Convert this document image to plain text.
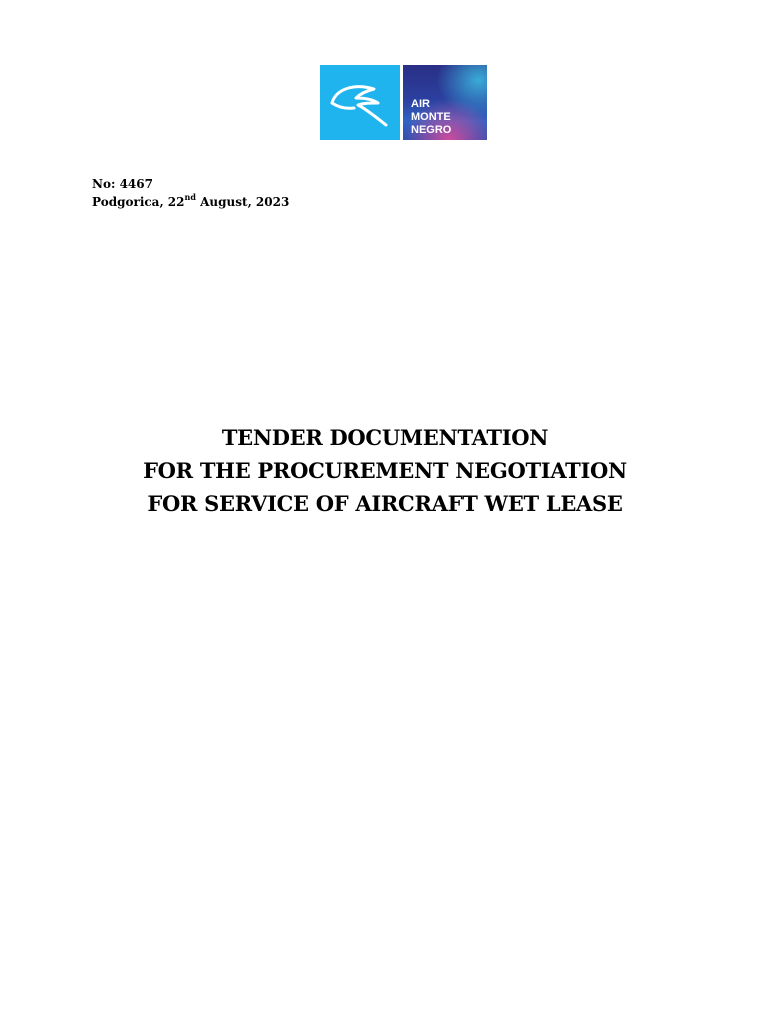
AIR
MONTE
NEGRO
No: 4467
Podgorica, 22nd August, 2023
TENDER DOCUMENTATION
FOR THE PROCUREMENT NEGOTIATION
FOR SERVICE OF AIRCRAFT WET LEASE
